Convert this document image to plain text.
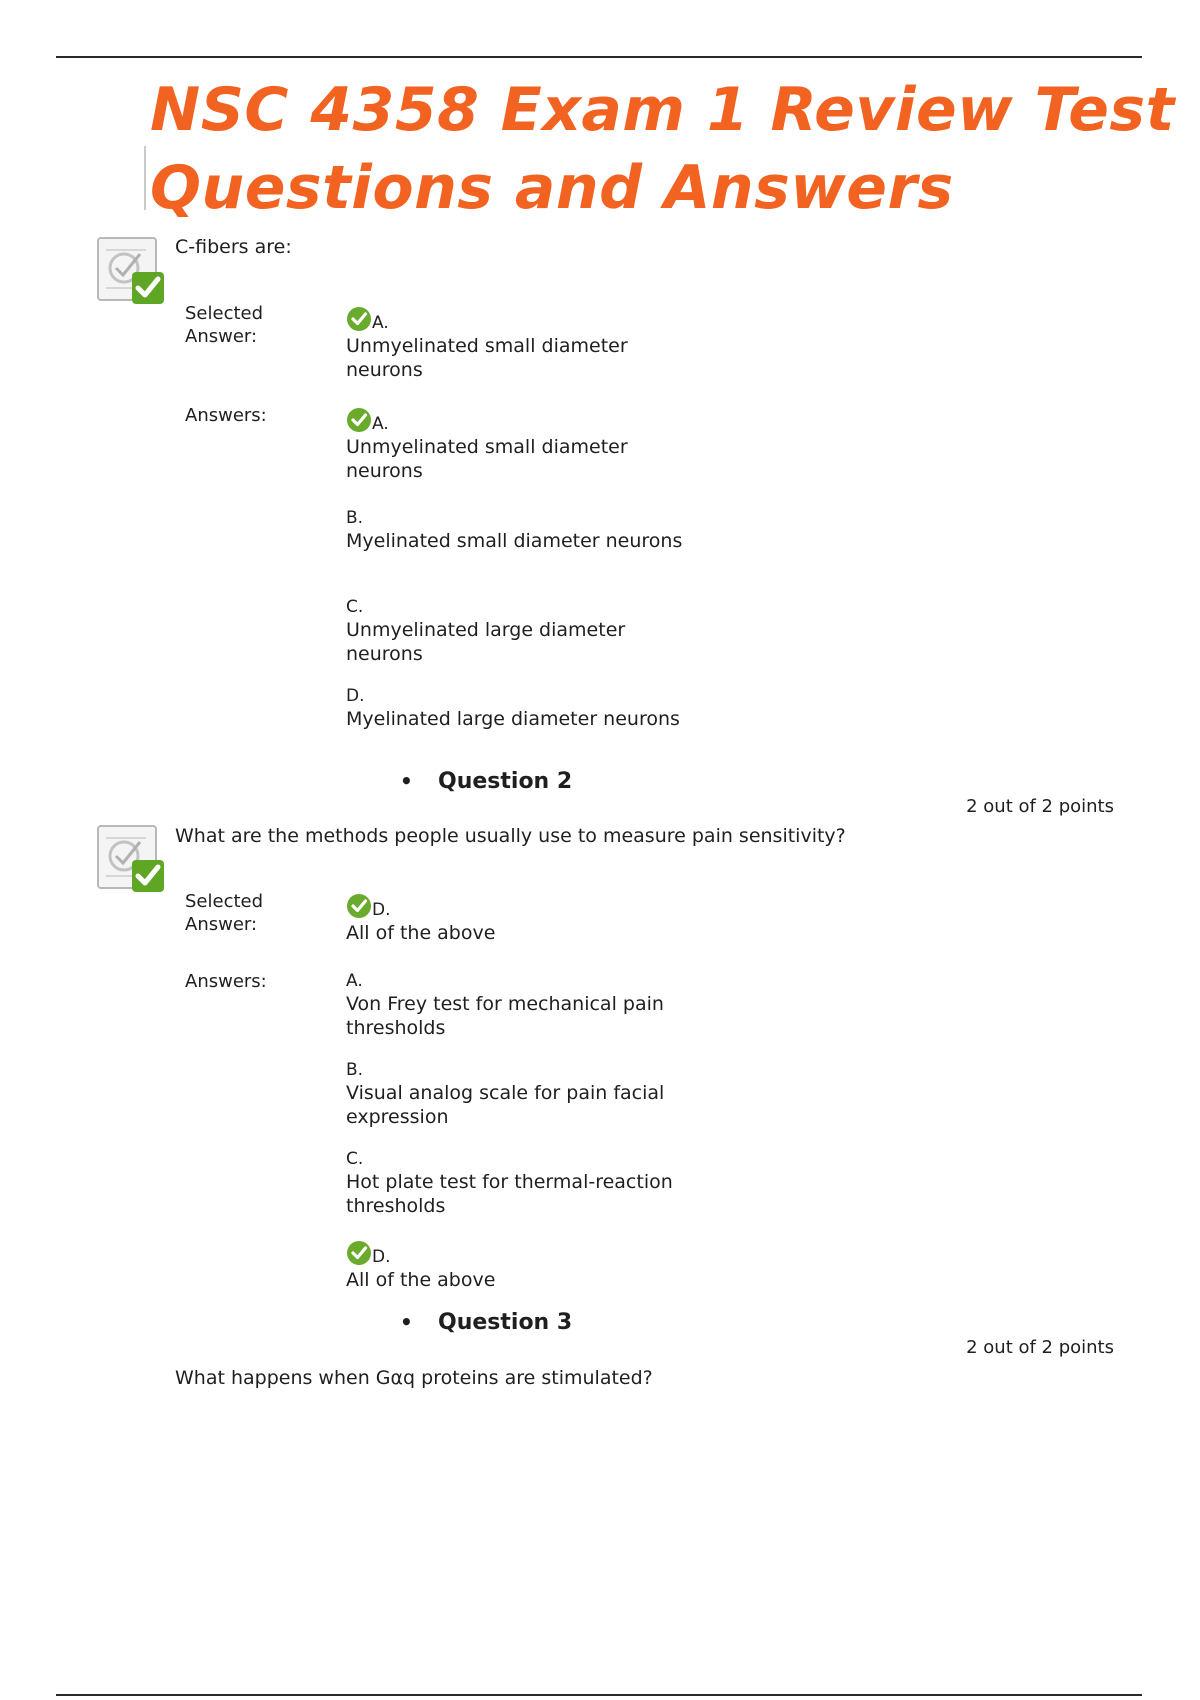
NSC 4358 Exam 1 Review Test
Questions and Answers
C-fibers are:
Selected Answer:
A.
Unmyelinated small diameter neurons
Answers:	A.
Unmyelinated small diameter neurons
B.
Myelinated small diameter neurons
C.
Unmyelinated large diameter neurons
D.
Myelinated large diameter neurons
• Question 2
2 out of 2 points
What are the methods people usually use to measure pain sensitivity?
Selected Answer:
D.
All of the above
Answers:	A.
Von Frey test for mechanical pain thresholds
B.
Visual analog scale for pain facial expression
C.
Hot plate test for thermal-reaction thresholds
D.
All of the above
• Question 3
2 out of 2 points
What happens when Gαq proteins are stimulated?
